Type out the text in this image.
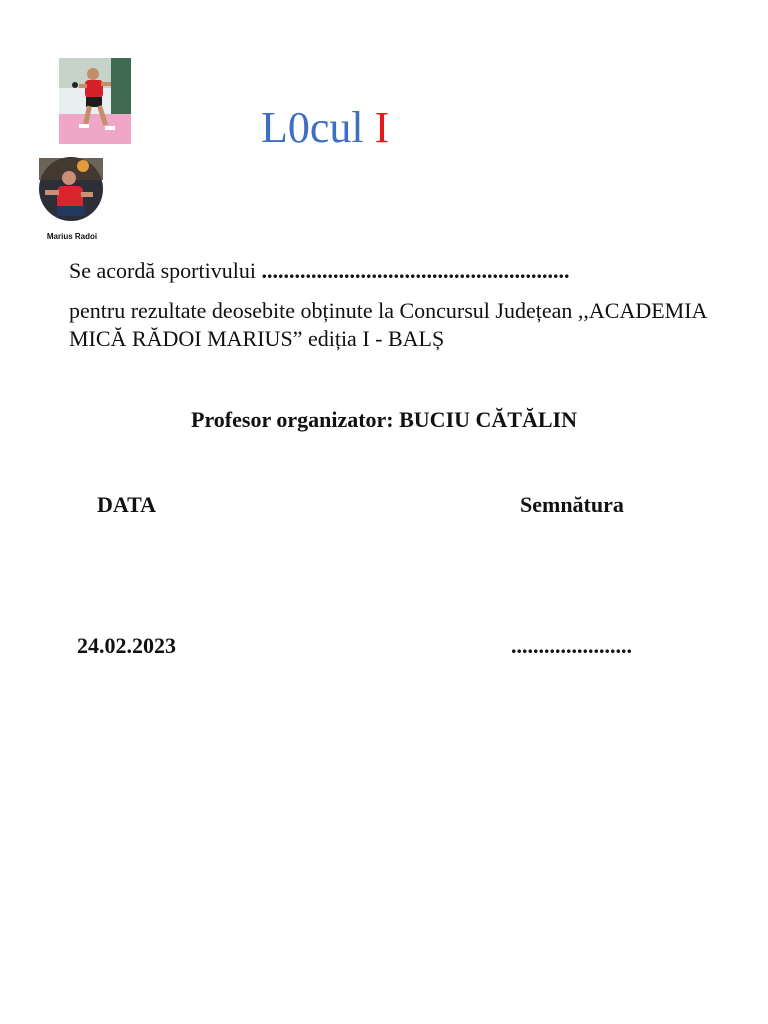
Marius Radoi
L0cul I
Se acordă sportivului ........................................................
pentru rezultate deosebite obținute la Concursul Județean ,,ACADEMIA MICĂ RĂDOI MARIUS” ediția I - BALȘ
Profesor organizator: BUCIU CĂTĂLIN
DATA	Semnătura
24.02.2023	......................
